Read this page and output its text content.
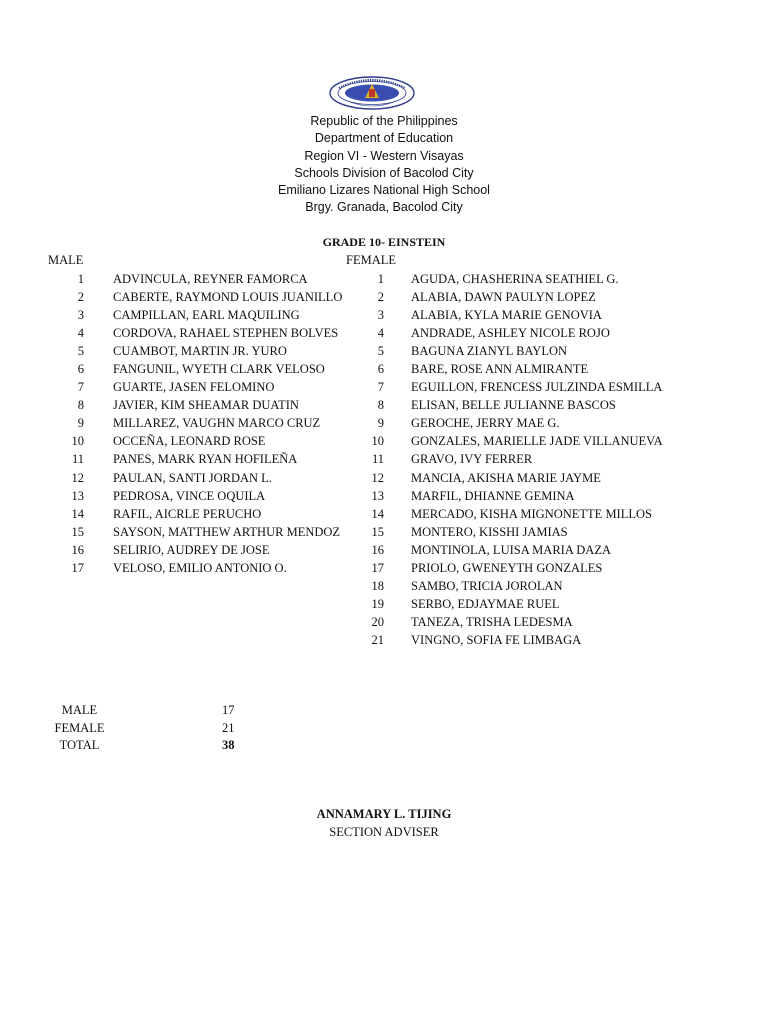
Republic of the Philippines
Department of Education
Region VI - Western Visayas
Schools Division of Bacolod City
Emiliano Lizares National High School
Brgy. Granada, Bacolod City
GRADE 10- EINSTEIN
MALE	FEMALE
1 ADVINCULA, REYNER FAMORCA
2 CABERTE, RAYMOND LOUIS JUANILLO
3 CAMPILLAN, EARL MAQUILING
4 CORDOVA, RAHAEL STEPHEN BOLVES
5 CUAMBOT, MARTIN JR. YURO
6 FANGUNIL, WYETH CLARK VELOSO
7 GUARTE, JASEN FELOMINO
8 JAVIER, KIM SHEAMAR DUATIN
9 MILLAREZ, VAUGHN MARCO CRUZ
10 OCCEÑA, LEONARD ROSE
11 PANES, MARK RYAN HOFILEÑA
12 PAULAN, SANTI JORDAN L.
13 PEDROSA, VINCE OQUILA
14 RAFIL, AICRLE PERUCHO
15 SAYSON, MATTHEW ARTHUR MENDOZ
16 SELIRIO, AUDREY DE JOSE
17 VELOSO, EMILIO ANTONIO O.
1 AGUDA, CHASHERINA SEATHIEL G.
2 ALABIA, DAWN PAULYN LOPEZ
3 ALABIA, KYLA MARIE GENOVIA
4 ANDRADE, ASHLEY NICOLE ROJO
5 BAGUNA ZIANYL BAYLON
6 BARE, ROSE ANN ALMIRANTE
7 EGUILLON, FRENCESS JULZINDA ESMILLA
8 ELISAN, BELLE JULIANNE BASCOS
9 GEROCHE, JERRY MAE G.
10 GONZALES, MARIELLE JADE VILLANUEVA
11 GRAVO, IVY FERRER
12 MANCIA, AKISHA MARIE JAYME
13 MARFIL, DHIANNE GEMINA
14 MERCADO, KISHA MIGNONETTE MILLOS
15 MONTERO, KISSHI JAMIAS
16 MONTINOLA, LUISA MARIA DAZA
17 PRIOLO, GWENEYTH GONZALES
18 SAMBO, TRICIA JOROLAN
19 SERBO, EDJAYMAE RUEL
20 TANEZA, TRISHA LEDESMA
21 VINGNO, SOFIA FE LIMBAGA
MALE	17
FEMALE	21
TOTAL	38
ANNAMARY L. TIJING
SECTION ADVISER
